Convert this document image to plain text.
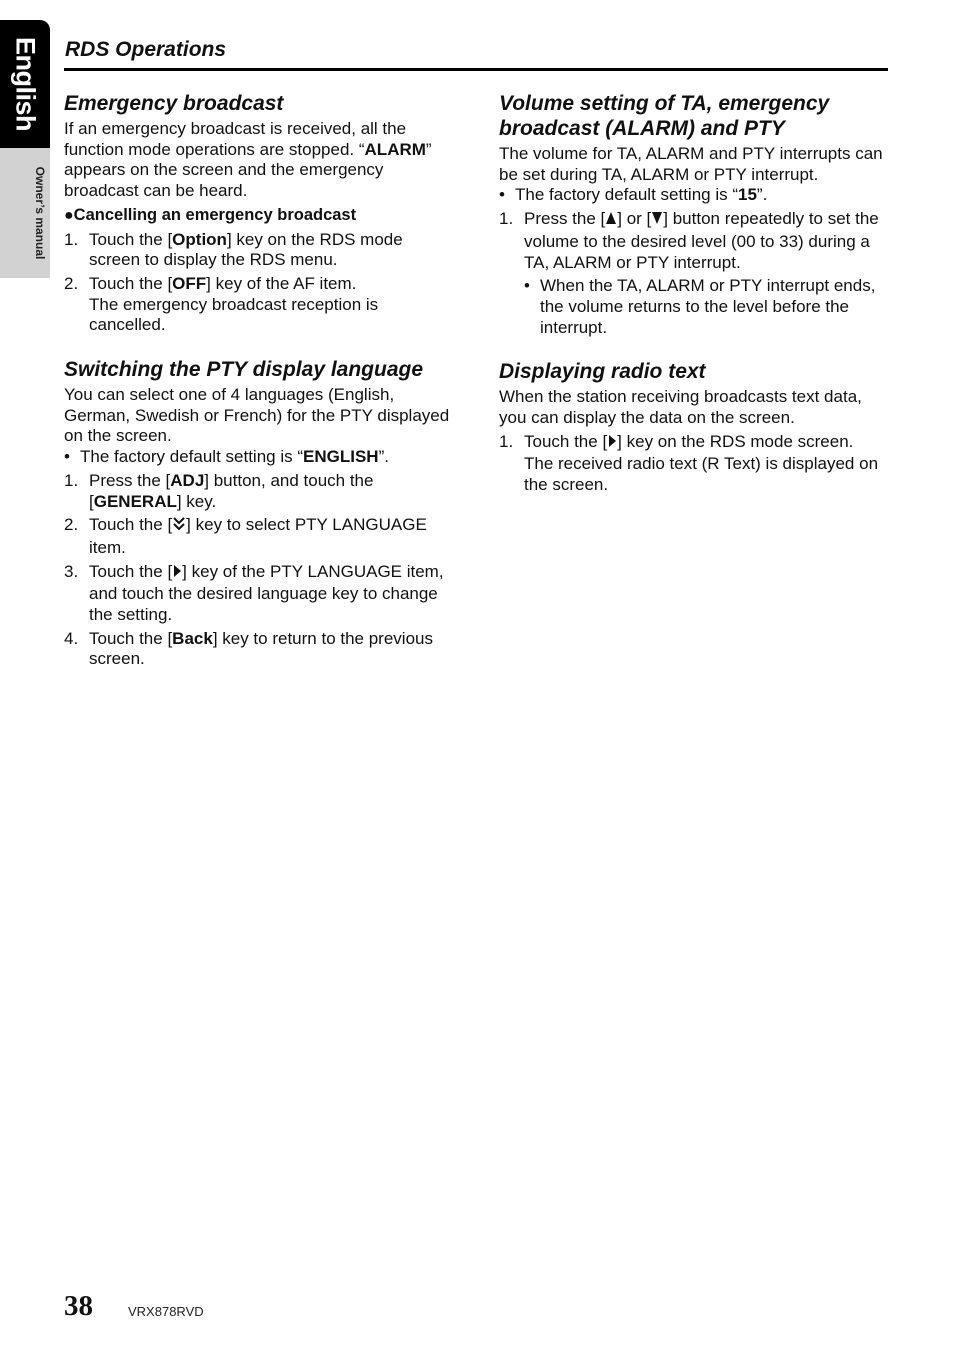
English
Owner’s manual
RDS Operations
Emergency broadcast

If an emergency broadcast is received, all the function mode operations are stopped. “ALARM” appears on the screen and the emergency broadcast can be heard.

●Cancelling an emergency broadcast

1. Touch the [Option] key on the RDS mode screen to display the RDS menu.
2. Touch the [OFF] key of the AF item.
The emergency broadcast reception is cancelled.
Switching the PTY display language

You can select one of 4 languages (English, German, Swedish or French) for the PTY displayed on the screen.

• The factory default setting is “ENGLISH”.

1. Press the [ADJ] button, and touch the [GENERAL] key.
2. Touch the [ ] key to select PTY LANGUAGE item.
3. Touch the [ ] key of the PTY LANGUAGE item, and touch the desired language key to change the setting.
4. Touch the [Back] key to return to the previous screen.
Volume setting of TA, emergency broadcast (ALARM) and PTY

The volume for TA, ALARM and PTY interrupts can be set during TA, ALARM or PTY interrupt.

• The factory default setting is “15”.

1. Press the [ ] or [ ] button repeatedly to set the volume to the desired level (00 to 33) during a TA, ALARM or PTY interrupt.

• When the TA, ALARM or PTY interrupt ends, the volume returns to the level before the interrupt.

Displaying radio text

When the station receiving broadcasts text data, you can display the data on the screen.

1. Touch the [ ] key on the RDS mode screen.
The received radio text (R Text) is displayed on the screen.
38	VRX878RVD
